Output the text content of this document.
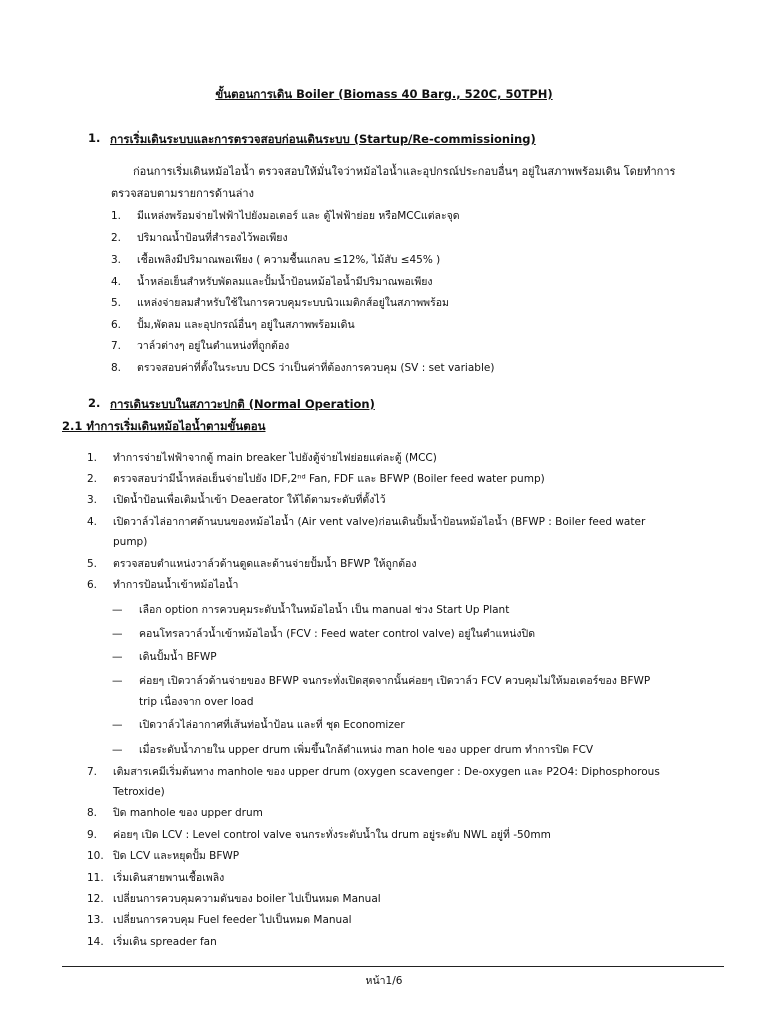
ขั้นตอนการเดิน Boiler (Biomass 40 Barg., 520C, 50TPH)
1. การเริ่มเดินระบบและการตรวจสอบก่อนเดินระบบ (Startup/Re-commissioning)
ก่อนการเริ่มเดินหม้อไอน้ำ ตรวจสอบให้มั่นใจว่าหม้อไอน้ำและอุปกรณ์ประกอบอื่นๆ อยู่ในสภาพพร้อมเดิน โดยทำการ
ตรวจสอบตามรายการด้านล่าง
1. มีแหล่งพร้อมจ่ายไฟฟ้าไปยังมอเตอร์ และ ตู้ไฟฟ้าย่อย หรือMCCแต่ละจุด
2. ปริมาณน้ำป้อนที่สำรองไว้พอเพียง
3. เชื้อเพลิงมีปริมาณพอเพียง ( ความชื้นแกลบ ≤12%, ไม้สับ ≤45% )
4. น้ำหล่อเย็นสำหรับพัดลมและปั้มน้ำป้อนหม้อไอน้ำมีปริมาณพอเพียง
5. แหล่งจ่ายลมสำหรับใช้ในการควบคุมระบบนิวแมติกส์อยู่ในสภาพพร้อม
6. ปั้ม,พัดลม และอุปกรณ์อื่นๆ อยู่ในสภาพพร้อมเดิน
7. วาล์วต่างๆ อยู่ในตำแหน่งที่ถูกต้อง
8. ตรวจสอบค่าที่ตั้งในระบบ DCS ว่าเป็นค่าที่ต้องการควบคุม (SV : set variable)
2. การเดินระบบในสภาวะปกติ (Normal Operation)
2.1 ทำการเริ่มเดินหม้อไอน้ำตามขั้นตอน
1. ทำการจ่ายไฟฟ้าจากตู้ main breaker ไปยังตู้จ่ายไฟย่อยแต่ละตู้ (MCC)
2. ตรวจสอบว่ามีน้ำหล่อเย็นจ่ายไปยัง IDF,2ⁿᵈ Fan, FDF และ BFWP (Boiler feed water pump)
3. เปิดน้ำป้อนเพื่อเติมน้ำเข้า Deaerator ให้ได้ตามระดับที่ตั้งไว้
4. เปิดวาล์วไล่อากาศด้านบนของหม้อไอน้ำ (Air vent valve)ก่อนเดินปั้มน้ำป้อนหม้อไอน้ำ (BFWP : Boiler feed water
pump)
5. ตรวจสอบตำแหน่งวาล์วด้านดูดและด้านจ่ายปั้มน้ำ BFWP ให้ถูกต้อง
6. ทำการป้อนน้ำเข้าหม้อไอน้ำ
— เลือก option การควบคุมระดับน้ำในหม้อไอน้ำ เป็น manual ช่วง Start Up Plant
— คอนโทรลวาล์วน้ำเข้าหม้อไอน้ำ (FCV : Feed water control valve) อยู่ในตำแหน่งปิด
— เดินปั้มน้ำ BFWP
— ค่อยๆ เปิดวาล์วด้านจ่ายของ BFWP จนกระทั่งเปิดสุดจากนั้นค่อยๆ เปิดวาล์ว FCV ควบคุมไม่ให้มอเตอร์ของ BFWP
trip เนื่องจาก over load
— เปิดวาล์วไล่อากาศที่เส้นท่อน้ำป้อน และที่ ชุด Economizer
— เมื่อระดับน้ำภายใน upper drum เพิ่มขึ้นใกล้ตำแหน่ง man hole ของ upper drum ทำการปิด FCV
7. เติมสารเคมีเริ่มต้นทาง manhole ของ upper drum (oxygen scavenger : De-oxygen และ P2O4: Diphosphorous
Tetroxide)
8. ปิด manhole ของ upper drum
9. ค่อยๆ เปิด LCV : Level control valve จนกระทั่งระดับน้ำใน drum อยู่ระดับ NWL อยู่ที่ -50mm
10. ปิด LCV และหยุดปั้ม BFWP
11. เริ่มเดินสายพานเชื้อเพลิง
12. เปลี่ยนการควบคุมความดันของ boiler ไปเป็นหมด Manual
13. เปลี่ยนการควบคุม Fuel feeder ไปเป็นหมด Manual
14. เริ่มเดิน spreader fan
หน้า1/6
